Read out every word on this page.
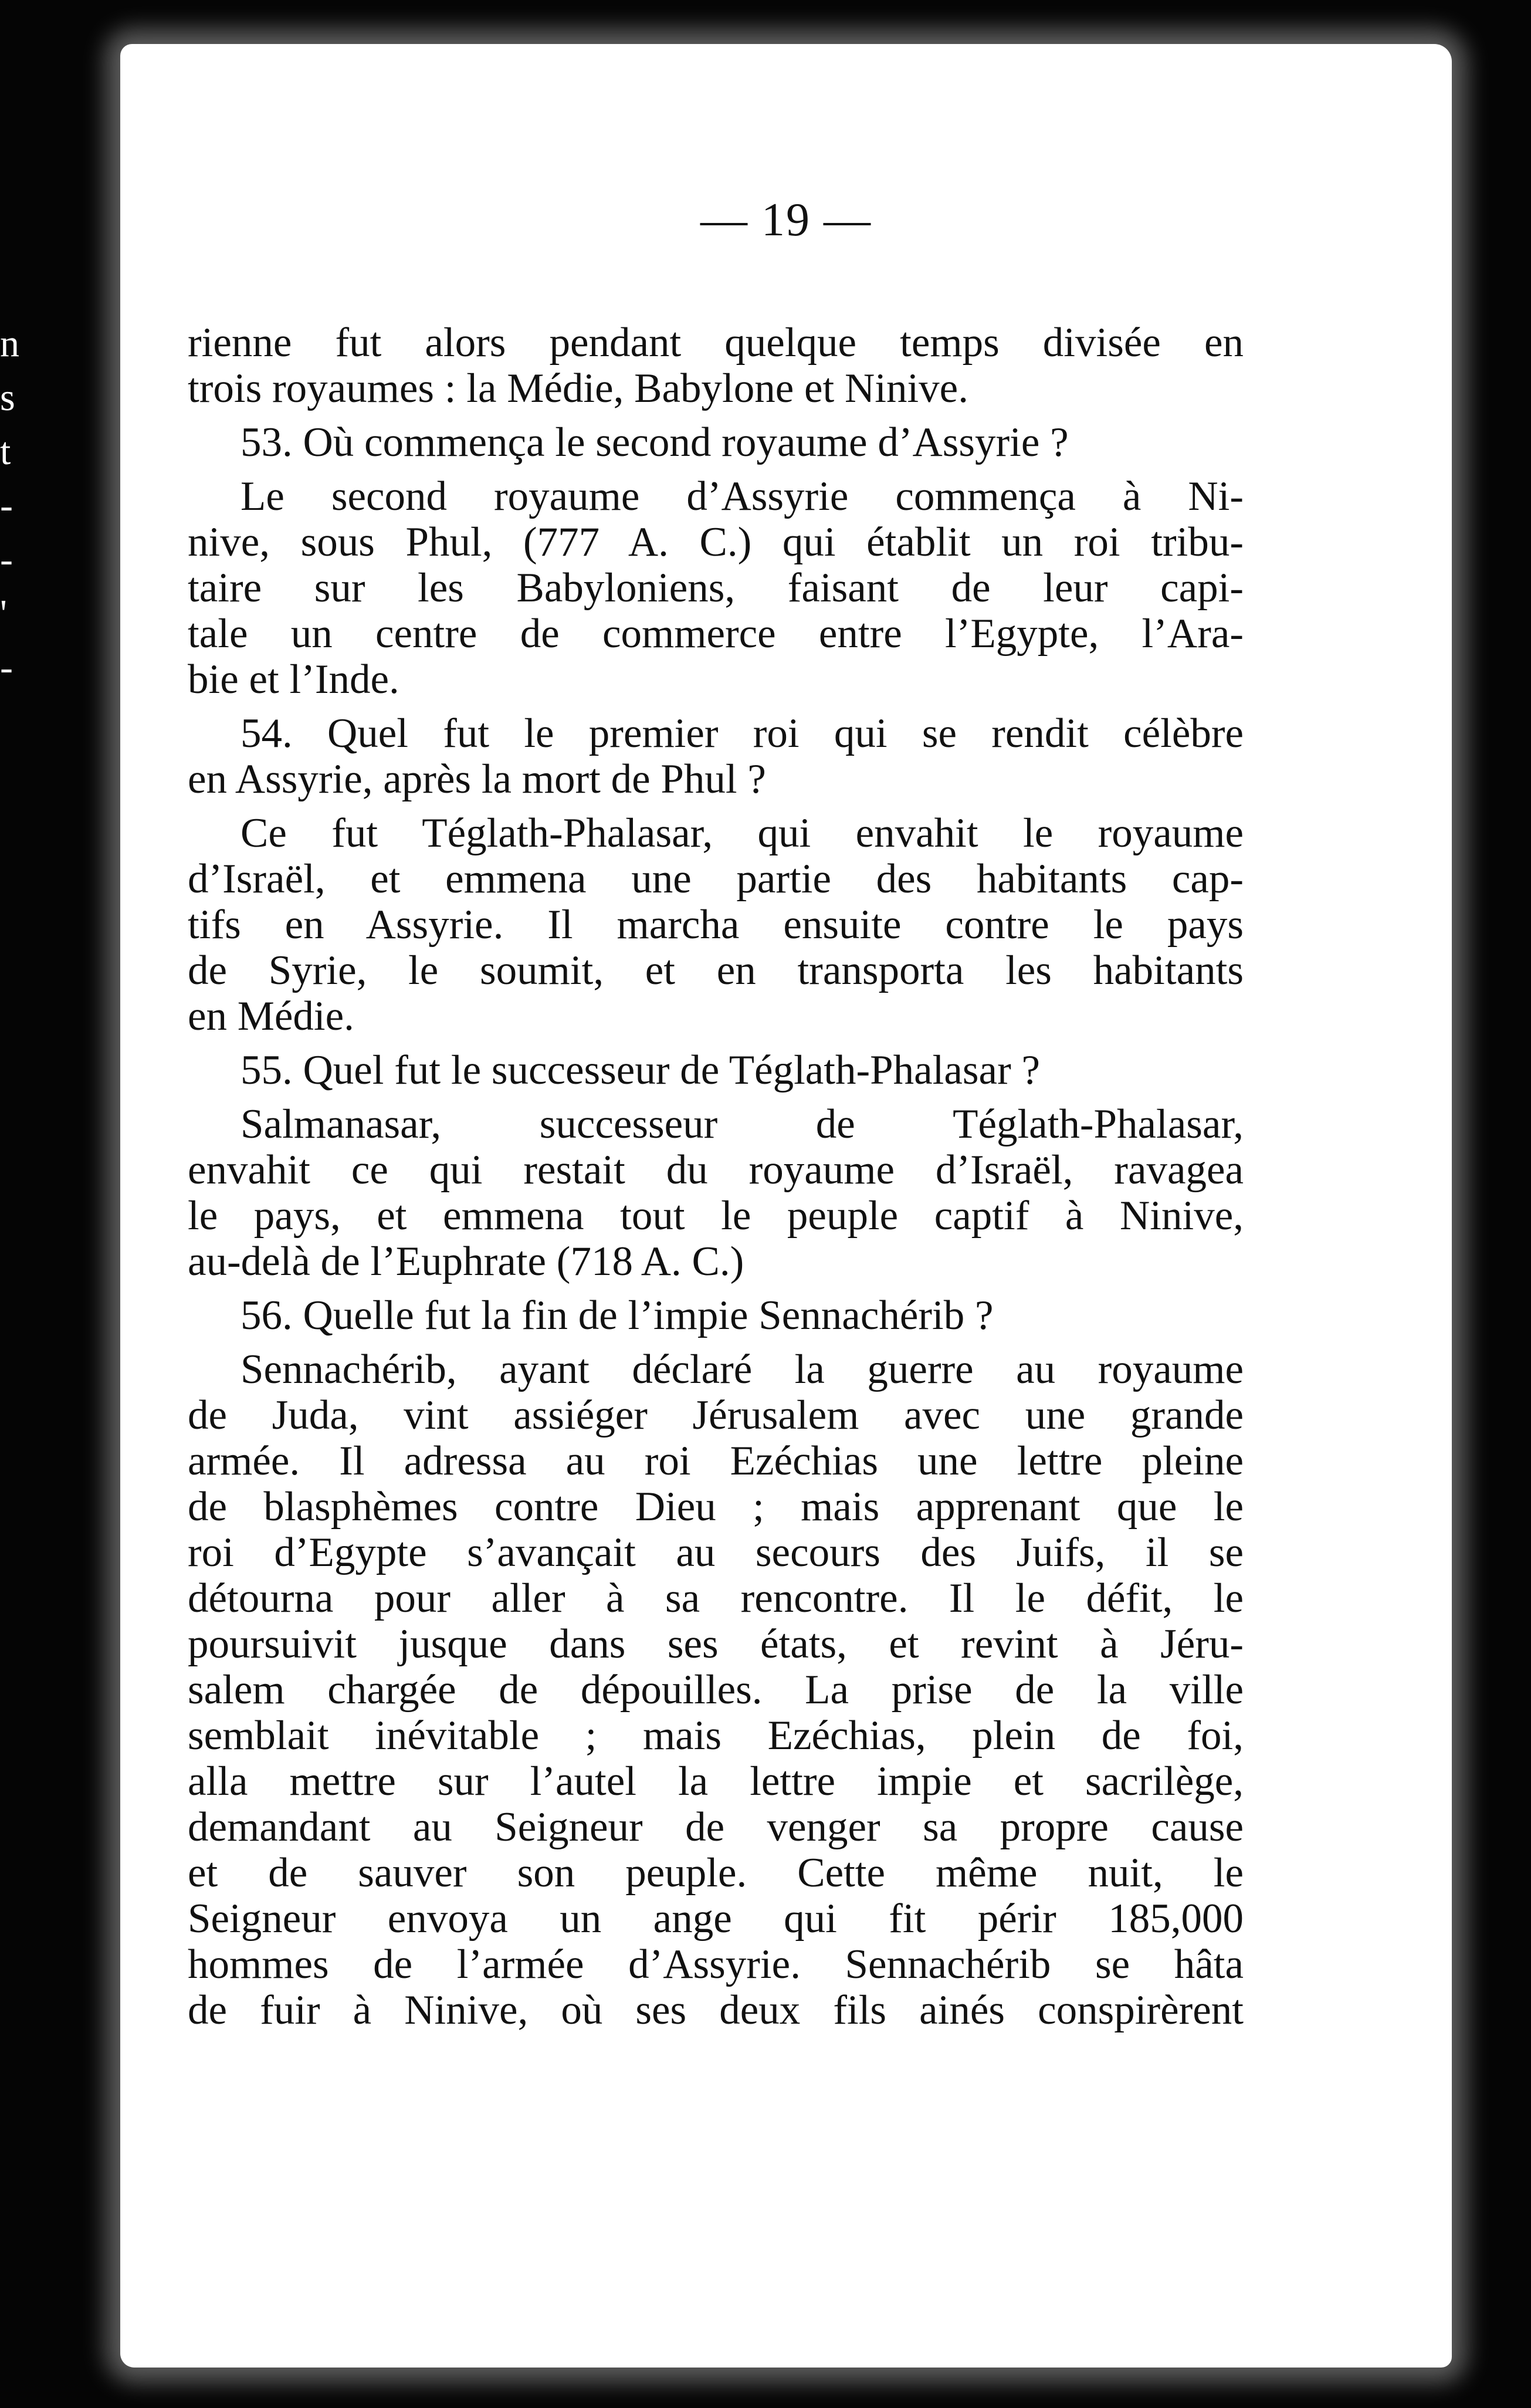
n
s
t
-
-
'
-
— 19 —
rienne fut alors pendant quelque temps divisée en
trois royaumes : la Médie, Babylone et Ninive.
53. Où commença le second royaume d’Assyrie ?
Le second royaume d’Assyrie commença à Ni-
nive, sous Phul, (777 A. C.) qui établit un roi tribu-
taire sur les Babyloniens, faisant de leur capi-
tale un centre de commerce entre l’Egypte, l’Ara-
bie et l’Inde.
54. Quel fut le premier roi qui se rendit célèbre
en Assyrie, après la mort de Phul ?
Ce fut Téglath-Phalasar, qui envahit le royaume
d’Israël, et emmena une partie des habitants cap-
tifs en Assyrie. Il marcha ensuite contre le pays
de Syrie, le soumit, et en transporta les habitants
en Médie.
55. Quel fut le successeur de Téglath-Phalasar ?
Salmanasar, successeur de Téglath-Phalasar,
envahit ce qui restait du royaume d’Israël, ravagea
le pays, et emmena tout le peuple captif à Ninive,
au-delà de l’Euphrate (718 A. C.)
56. Quelle fut la fin de l’impie Sennachérib ?
Sennachérib, ayant déclaré la guerre au royaume
de Juda, vint assiéger Jérusalem avec une grande
armée. Il adressa au roi Ezéchias une lettre pleine
de blasphèmes contre Dieu ; mais apprenant que le
roi d’Egypte s’avançait au secours des Juifs, il se
détourna pour aller à sa rencontre. Il le défit, le
poursuivit jusque dans ses états, et revint à Jéru-
salem chargée de dépouilles. La prise de la ville
semblait inévitable ; mais Ezéchias, plein de foi,
alla mettre sur l’autel la lettre impie et sacrilège,
demandant au Seigneur de venger sa propre cause
et de sauver son peuple. Cette même nuit, le
Seigneur envoya un ange qui fit périr 185,000
hommes de l’armée d’Assyrie. Sennachérib se hâta
de fuir à Ninive, où ses deux fils ainés conspirèrent
